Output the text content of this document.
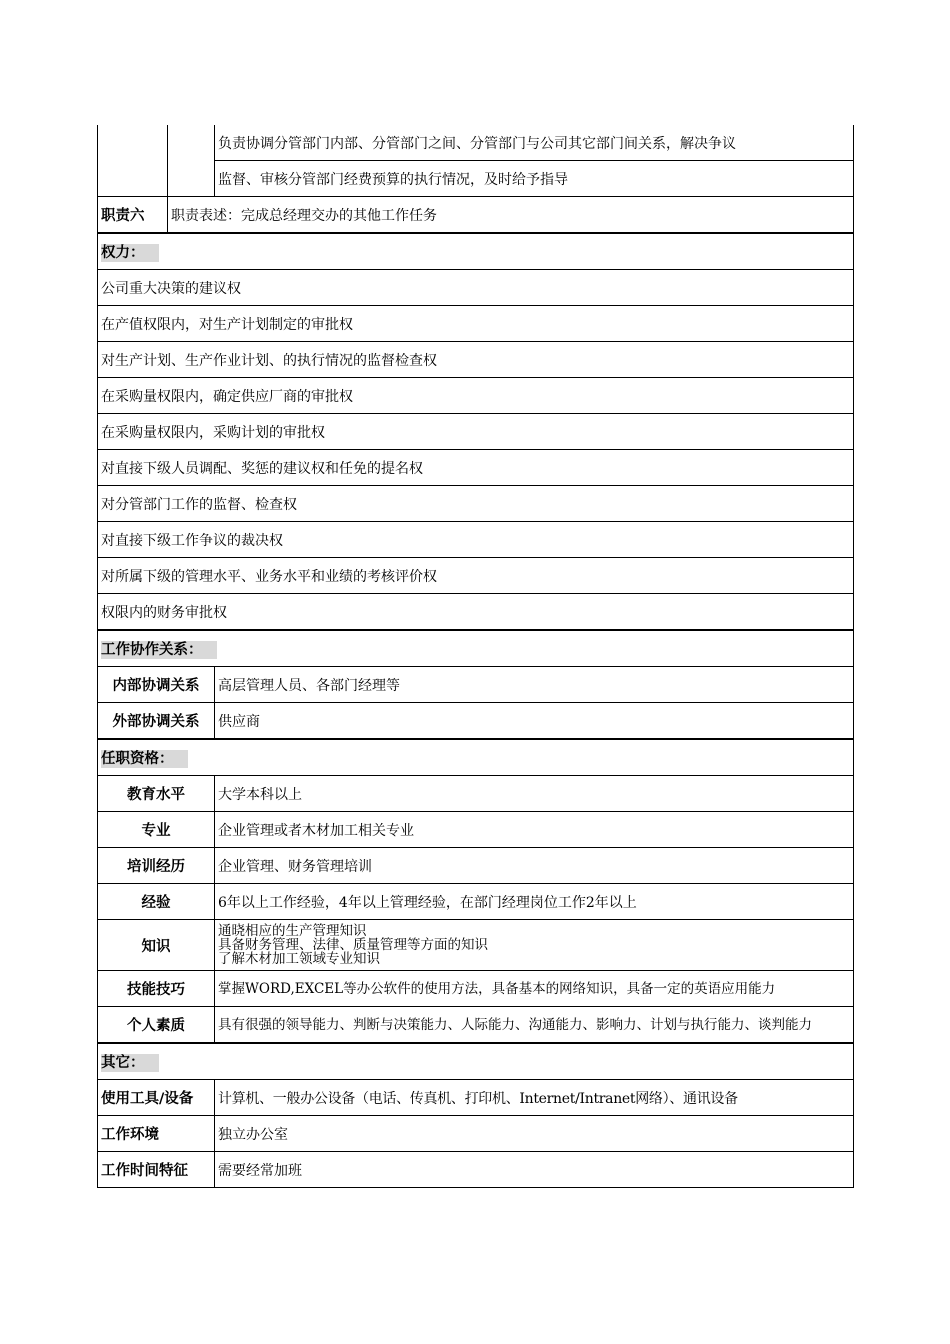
		负责协调分管部门内部、分管部门之间、分管部门与公司其它部门间关系，解决争议
		监督、审核分管部门经费预算的执行情况，及时给予指导
职责六	职责表述：完成总经理交办的其他工作任务	
权力：		
公司重大决策的建议权		
在产值权限内，对生产计划制定的审批权		
对生产计划、生产作业计划、的执行情况的监督检查权		
在采购量权限内，确定供应厂商的审批权		
在采购量权限内，采购计划的审批权		
对直接下级人员调配、奖惩的建议权和任免的提名权		
对分管部门工作的监督、检查权		
对直接下级工作争议的裁决权		
对所属下级的管理水平、业务水平和业绩的考核评价权		
权限内的财务审批权		
工作协作关系：		
内部协调关系		高层管理人员、各部门经理等
外部协调关系		供应商
任职资格：		
教育水平		大学本科以上
专业		企业管理或者木材加工相关专业
培训经历		企业管理、财务管理培训
经验		6年以上工作经验，4年以上管理经验，在部门经理岗位工作2年以上
知识		通晓相应的生产管理知识
具备财务管理、法律、质量管理等方面的知识
了解木材加工领域专业知识

技能技巧		掌握WORD,EXCEL等办公软件的使用方法，具备基本的网络知识，具备一定的英语应用能力
个人素质		具有很强的领导能力、判断与决策能力、人际能力、沟通能力、影响力、计划与执行能力、谈判能力
其它：		
使用工具/设备		计算机、一般办公设备（电话、传真机、打印机、Internet/Intranet网络）、通讯设备
工作环境		独立办公室
工作时间特征		需要经常加班
